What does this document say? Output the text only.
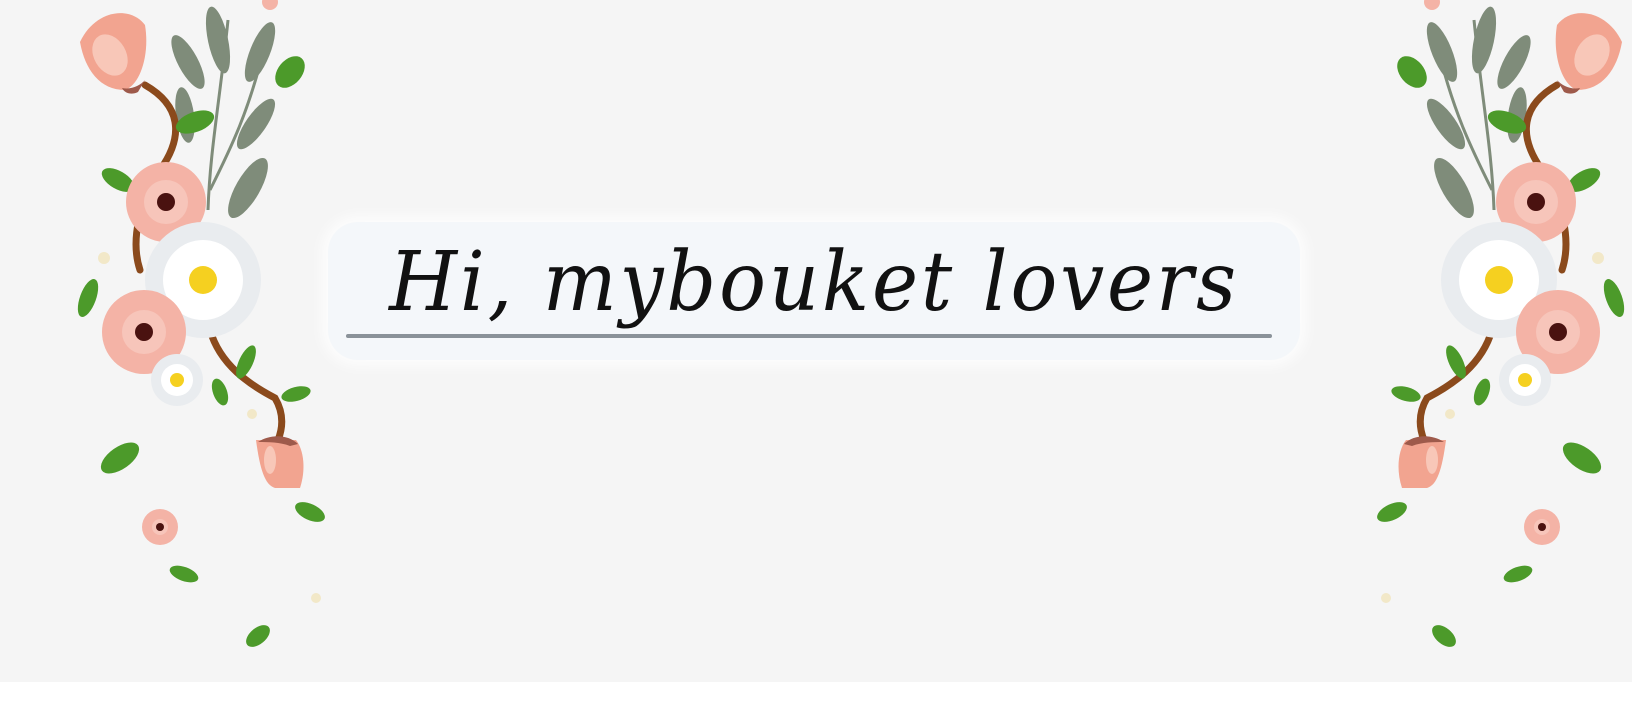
Hi, mybouket lovers
